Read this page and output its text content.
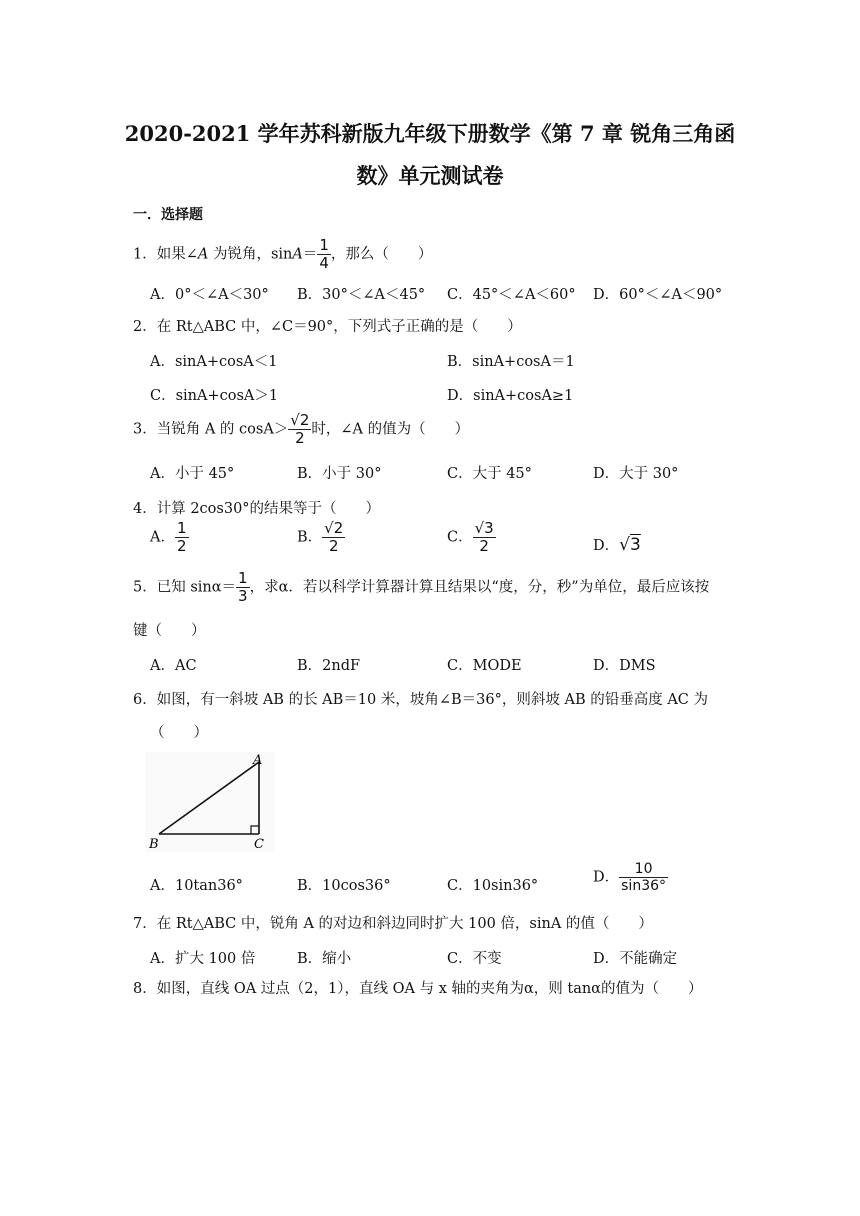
2020-2021 学年苏科新版九年级下册数学《第 7 章 锐角三角函
数》单元测试卷
一．选择题
1．如果∠A 为锐角，$\sin A= \frac{1}{4}$ ，那么（　　）
A．0°＜∠A＜30° B．30°＜∠A＜45° C．45°＜∠A＜60° D．60°＜∠A＜90°
2．在 Rt△ABC 中，∠C＝90°，下列式子正确的是（　　）
A．sinA+cosA＜1	B．sinA+cosA＝1
C．sinA+cosA＞1	D．sinA+cosA≥1
3．当锐角 A 的 $\cos A> \frac{√2}{2}$ 时，∠A 的值为（　　）
A．小于 45°	B．小于 30°	C．大于 45°	D．大于 30°
4．计算 2cos30°的结果等于（　　）
A． $\frac{1}{2}$	B． $\frac{√2}{2}$	C． $\frac{√3}{2}$	D．√3
5．已知 $\sin\alpha= \frac{1}{3}$ ，求α．若以科学计算器计算且结果以“度，分，秒”为单位，最后应该按
键（　　）
A．AC	B．2ndF	C．MODE	D．DMS
6．如图，有一斜坡 AB 的长 AB＝10 米，坡角∠B＝36°，则斜坡 AB 的铅垂高度 AC 为
（　　）
A
B	C
A．10tan36°	B．10cos36°	C．10sin36°
D． $\frac{10}{\sin 36^\circ}$
7．在 Rt△ABC 中，锐角 A 的对边和斜边同时扩大 100 倍，sinA 的值（　　）
A．扩大 100 倍	B．缩小	C．不变	D．不能确定
8．如图，直线 OA 过点（2，1），直线 OA 与 x 轴的夹角为α，则 tanα的值为（　　）
